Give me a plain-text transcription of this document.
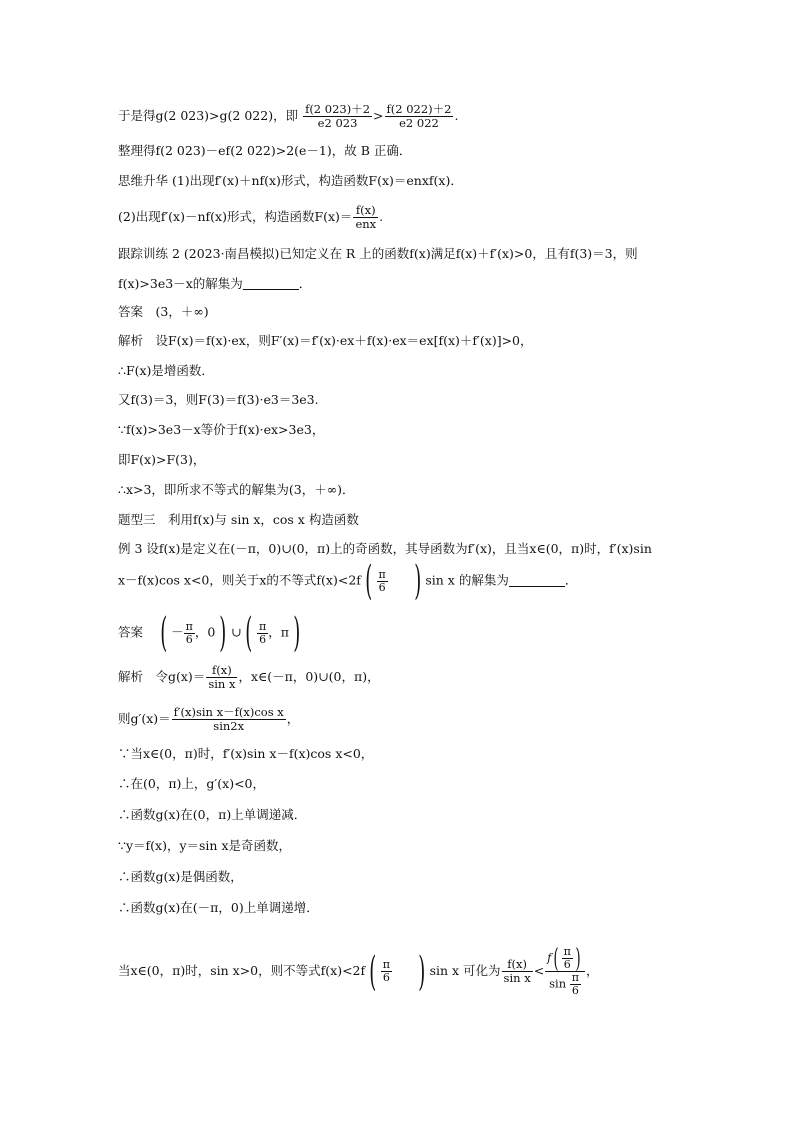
于是得g(2 023)>g(2 022)，即 $\frac{f(2 023)+2}{e2 023} > \frac{f(2 022)+2}{e2 022}$ .
整理得f(2 023)－ef(2 022)>2(e－1)，故 B 正确．
思维升华 (1)出现f′(x)＋nf(x)形式，构造函数F(x)＝enxf(x)．
(2)出现f′(x)－nf(x)形式，构造函数$F(x)= \frac{f(x)}{\text{enx}}$ .
跟踪训练 2 (2023·南昌模拟)已知定义在 R 上的函数f(x)满足f(x)＋f′(x)>0，且有f(3)＝3，则
f(x)>3e3－x的解集为	．
答案　(3，＋∞)
解析　设F(x)＝f(x)·ex，则F′(x)＝f′(x)·ex＋f(x)·ex＝ex[f(x)＋f′(x)]>0，
∴F(x)是增函数．
又f(3)＝3，则F(3)＝f(3)·e3＝3e3.
∵f(x)>3e3－x等价于f(x)·ex>3e3，
即F(x)>F(3)，
∴x>3，即所求不等式的解集为(3，＋∞)．
题型三　利用f(x)与 sin x，cos x 构造函数
例 3 设f(x)是定义在(－π，0)∪(0，π)上的奇函数，其导函数为f′(x)，且当x∈(0，π)时，f′(x)sin
x－f(x)cos x<0，则关于x的不等式f(x)<2f ( $\frac{\pi}{6}$ ) sin x 的解集为	．
答案　( － $\frac{\pi}{6}$ ，0 ) ∪ ( $\frac{\pi}{6}$ ，π )
解析　令$g(x)= \frac{f(x)}{\text{sin x}}$ ，x∈(－π，0)∪(0，π)，
则$g'(x)= \frac{\text{f′(x)sin x－f(x)cos x}}{\sin 2x}$ ，
∵当x∈(0，π)时，f′(x)sin x－f(x)cos x<0，
∴在(0，π)上，g′(x)<0，
∴函数g(x)在(0，π)上单调递减．
∵y＝f(x)，y＝sin x是奇函数，
∴函数g(x)是偶函数，
∴函数g(x)在(－π，0)上单调递增．
当x∈(0，π)时，sin x>0，则不等式f(x)<2f ( $\frac{\pi}{6}$ ) sin x 可化为 $\frac{f(x)}{\text{sin x}} < \frac{f( \frac{\pi}{6} )}{\sin \frac{\pi}{6}}$ ，
